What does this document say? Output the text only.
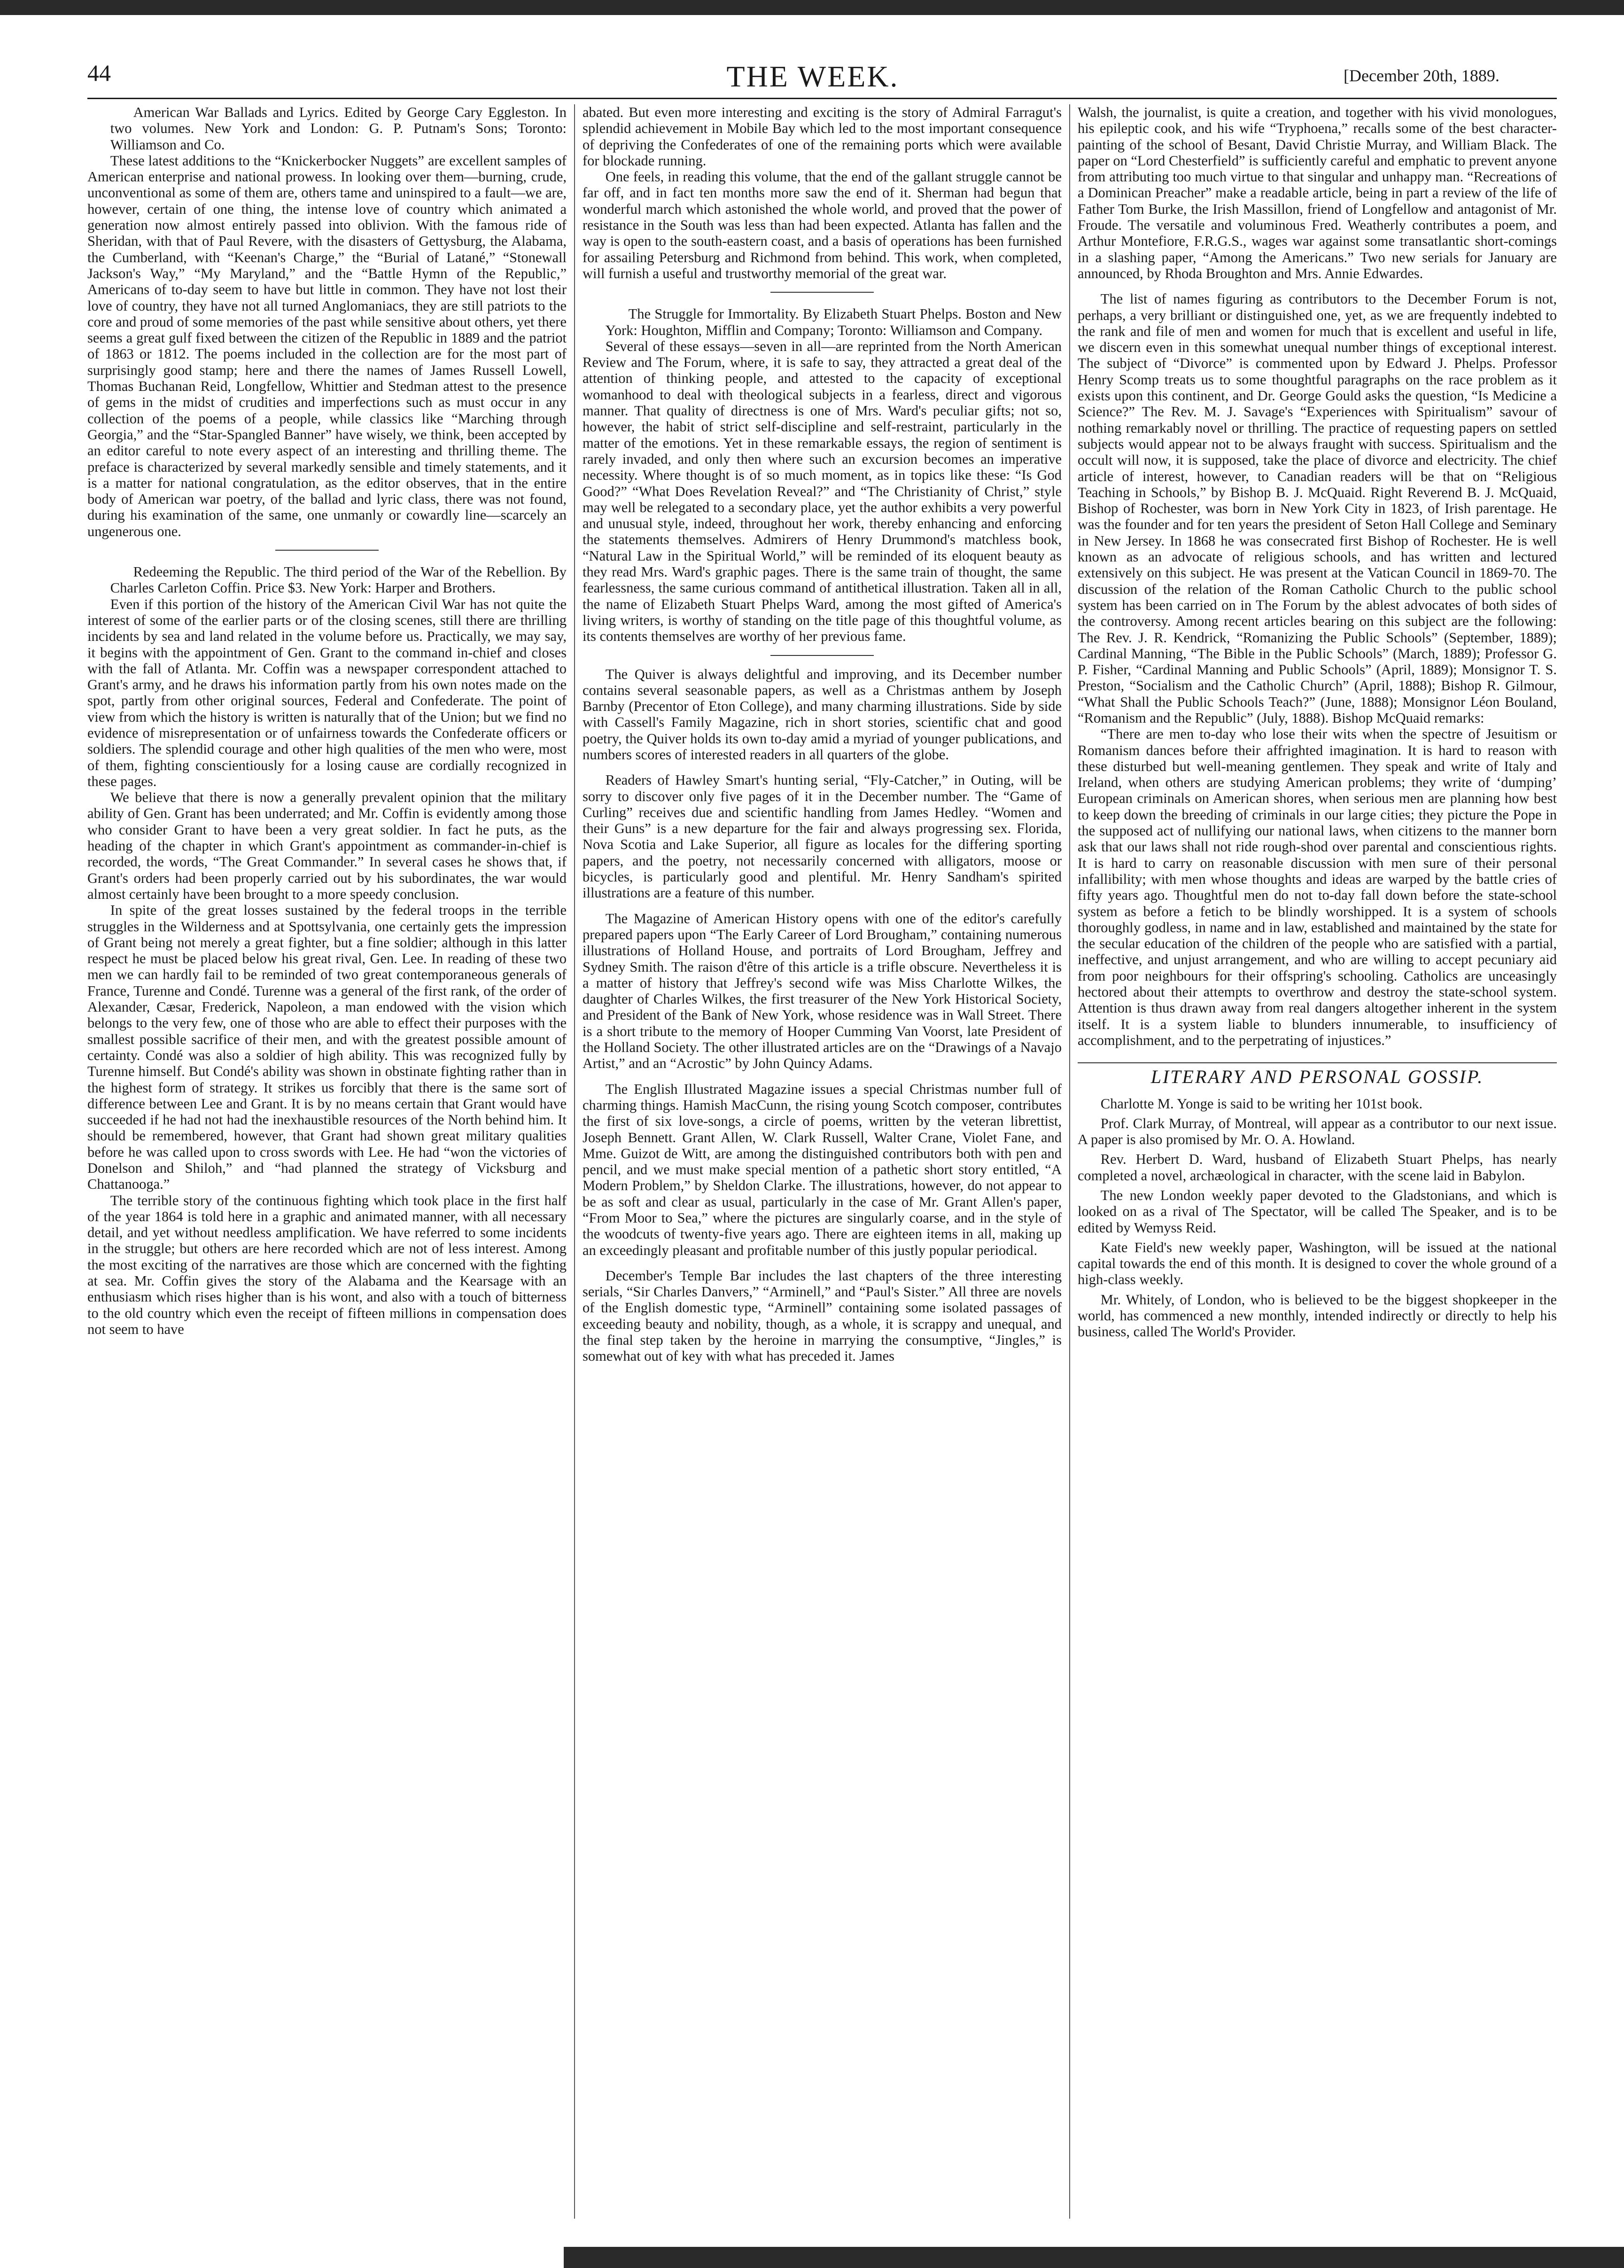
44	THE WEEK.	[December 20th, 1889.

American War Ballads and Lyrics. Edited by George Cary Eggleston. In two volumes. New York and London: G. P. Putnam's Sons; Toronto: Williamson and Co.

These latest additions to the “Knickerbocker Nuggets” are excellent samples of American enterprise and national prowess. In looking over them—burning, crude, unconventional as some of them are, others tame and uninspired to a fault—we are, however, certain of one thing, the intense love of country which animated a generation now almost entirely passed into oblivion. With the famous ride of Sheridan, with that of Paul Revere, with the disasters of Gettysburg, the Alabama, the Cumberland, with “Keenan's Charge,” the “Burial of Latané,” “Stonewall Jackson's Way,” “My Maryland,” and the “Battle Hymn of the Republic,” Americans of to-day seem to have but little in common. They have not lost their love of country, they have not all turned Anglomaniacs, they are still patriots to the core and proud of some memories of the past while sensitive about others, yet there seems a great gulf fixed between the citizen of the Republic in 1889 and the patriot of 1863 or 1812. The poems included in the collection are for the most part of surprisingly good stamp; here and there the names of James Russell Lowell, Thomas Buchanan Reid, Longfellow, Whittier and Stedman attest to the presence of gems in the midst of crudities and imperfections such as must occur in any collection of the poems of a people, while classics like “Marching through Georgia,” and the “Star-Spangled Banner” have wisely, we think, been accepted by an editor careful to note every aspect of an interesting and thrilling theme. The preface is characterized by several markedly sensible and timely statements, and it is a matter for national congratulation, as the editor observes, that in the entire body of American war poetry, of the ballad and lyric class, there was not found, during his examination of the same, one unmanly or cowardly line—scarcely an ungenerous one.

Redeeming the Republic. The third period of the War of the Rebellion. By Charles Carleton Coffin. Price $3. New York: Harper and Brothers.

Even if this portion of the history of the American Civil War has not quite the interest of some of the earlier parts or of the closing scenes, still there are thrilling incidents by sea and land related in the volume before us. Practically, we may say, it begins with the appointment of Gen. Grant to the command in-chief and closes with the fall of Atlanta. Mr. Coffin was a newspaper correspondent attached to Grant's army, and he draws his information partly from his own notes made on the spot, partly from other original sources, Federal and Confederate. The point of view from which the history is written is naturally that of the Union; but we find no evidence of misrepresentation or of unfairness towards the Confederate officers or soldiers. The splendid courage and other high qualities of the men who were, most of them, fighting conscientiously for a losing cause are cordially recognized in these pages.

We believe that there is now a generally prevalent opinion that the military ability of Gen. Grant has been underrated; and Mr. Coffin is evidently among those who consider Grant to have been a very great soldier. In fact he puts, as the heading of the chapter in which Grant's appointment as commander-in-chief is recorded, the words, “The Great Commander.” In several cases he shows that, if Grant's orders had been properly carried out by his subordinates, the war would almost certainly have been brought to a more speedy conclusion.

In spite of the great losses sustained by the federal troops in the terrible struggles in the Wilderness and at Spottsylvania, one certainly gets the impression of Grant being not merely a great fighter, but a fine soldier; although in this latter respect he must be placed below his great rival, Gen. Lee. In reading of these two men we can hardly fail to be reminded of two great contemporaneous generals of France, Turenne and Condé. Turenne was a general of the first rank, of the order of Alexander, Cæsar, Frederick, Napoleon, a man endowed with the vision which belongs to the very few, one of those who are able to effect their purposes with the smallest possible sacrifice of their men, and with the greatest possible amount of certainty. Condé was also a soldier of high ability. This was recognized fully by Turenne himself. But Condé's ability was shown in obstinate fighting rather than in the highest form of strategy. It strikes us forcibly that there is the same sort of difference between Lee and Grant. It is by no means certain that Grant would have succeeded if he had not had the inexhaustible resources of the North behind him. It should be remembered, however, that Grant had shown great military qualities before he was called upon to cross swords with Lee. He had “won the victories of Donelson and Shiloh,” and “had planned the strategy of Vicksburg and Chattanooga.”

The terrible story of the continuous fighting which took place in the first half of the year 1864 is told here in a graphic and animated manner, with all necessary detail, and yet without needless amplification. We have referred to some incidents in the struggle; but others are here recorded which are not of less interest. Among the most exciting of the narratives are those which are concerned with the fighting at sea. Mr. Coffin gives the story of the Alabama and the Kearsage with an enthusiasm which rises higher than is his wont, and also with a touch of bitterness to the old country which even the receipt of fifteen millions in compensation does not seem to have

abated. But even more interesting and exciting is the story of Admiral Farragut's splendid achievement in Mobile Bay which led to the most important consequence of depriving the Confederates of one of the remaining ports which were available for blockade running.

One feels, in reading this volume, that the end of the gallant struggle cannot be far off, and in fact ten months more saw the end of it. Sherman had begun that wonderful march which astonished the whole world, and proved that the power of resistance in the South was less than had been expected. Atlanta has fallen and the way is open to the south-eastern coast, and a basis of operations has been furnished for assailing Petersburg and Richmond from behind. This work, when completed, will furnish a useful and trustworthy memorial of the great war.

The Struggle for Immortality. By Elizabeth Stuart Phelps. Boston and New York: Houghton, Mifflin and Company; Toronto: Williamson and Company.

Several of these essays—seven in all—are reprinted from the North American Review and The Forum, where, it is safe to say, they attracted a great deal of the attention of thinking people, and attested to the capacity of exceptional womanhood to deal with theological subjects in a fearless, direct and vigorous manner. That quality of directness is one of Mrs. Ward's peculiar gifts; not so, however, the habit of strict self-discipline and self-restraint, particularly in the matter of the emotions. Yet in these remarkable essays, the region of sentiment is rarely invaded, and only then where such an excursion becomes an imperative necessity. Where thought is of so much moment, as in topics like these: “Is God Good?” “What Does Revelation Reveal?” and “The Christianity of Christ,” style may well be relegated to a secondary place, yet the author exhibits a very powerful and unusual style, indeed, throughout her work, thereby enhancing and enforcing the statements themselves. Admirers of Henry Drummond's matchless book, “Natural Law in the Spiritual World,” will be reminded of its eloquent beauty as they read Mrs. Ward's graphic pages. There is the same train of thought, the same fearlessness, the same curious command of antithetical illustration. Taken all in all, the name of Elizabeth Stuart Phelps Ward, among the most gifted of America's living writers, is worthy of standing on the title page of this thoughtful volume, as its contents themselves are worthy of her previous fame.

The Quiver is always delightful and improving, and its December number contains several seasonable papers, as well as a Christmas anthem by Joseph Barnby (Precentor of Eton College), and many charming illustrations. Side by side with Cassell's Family Magazine, rich in short stories, scientific chat and good poetry, the Quiver holds its own to-day amid a myriad of younger publications, and numbers scores of interested readers in all quarters of the globe.

Readers of Hawley Smart's hunting serial, “Fly-Catcher,” in Outing, will be sorry to discover only five pages of it in the December number. The “Game of Curling” receives due and scientific handling from James Hedley. “Women and their Guns” is a new departure for the fair and always progressing sex. Florida, Nova Scotia and Lake Superior, all figure as locales for the differing sporting papers, and the poetry, not necessarily concerned with alligators, moose or bicycles, is particularly good and plentiful. Mr. Henry Sandham's spirited illustrations are a feature of this number.

The Magazine of American History opens with one of the editor's carefully prepared papers upon “The Early Career of Lord Brougham,” containing numerous illustrations of Holland House, and portraits of Lord Brougham, Jeffrey and Sydney Smith. The raison d'être of this article is a trifle obscure. Nevertheless it is a matter of history that Jeffrey's second wife was Miss Charlotte Wilkes, the daughter of Charles Wilkes, the first treasurer of the New York Historical Society, and President of the Bank of New York, whose residence was in Wall Street. There is a short tribute to the memory of Hooper Cumming Van Voorst, late President of the Holland Society. The other illustrated articles are on the “Drawings of a Navajo Artist,” and an “Acrostic” by John Quincy Adams.

The English Illustrated Magazine issues a special Christmas number full of charming things. Hamish MacCunn, the rising young Scotch composer, contributes the first of six love-songs, a circle of poems, written by the veteran librettist, Joseph Bennett. Grant Allen, W. Clark Russell, Walter Crane, Violet Fane, and Mme. Guizot de Witt, are among the distinguished contributors both with pen and pencil, and we must make special mention of a pathetic short story entitled, “A Modern Problem,” by Sheldon Clarke. The illustrations, however, do not appear to be as soft and clear as usual, particularly in the case of Mr. Grant Allen's paper, “From Moor to Sea,” where the pictures are singularly coarse, and in the style of the woodcuts of twenty-five years ago. There are eighteen items in all, making up an exceedingly pleasant and profitable number of this justly popular periodical.

December's Temple Bar includes the last chapters of the three interesting serials, “Sir Charles Danvers,” “Arminell,” and “Paul's Sister.” All three are novels of the English domestic type, “Arminell” containing some isolated passages of exceeding beauty and nobility, though, as a whole, it is scrappy and unequal, and the final step taken by the heroine in marrying the consumptive, “Jingles,” is somewhat out of key with what has preceded it. James

Walsh, the journalist, is quite a creation, and together with his vivid monologues, his epileptic cook, and his wife “Tryphoena,” recalls some of the best character-painting of the school of Besant, David Christie Murray, and William Black. The paper on “Lord Chesterfield” is sufficiently careful and emphatic to prevent anyone from attributing too much virtue to that singular and unhappy man. “Recreations of a Dominican Preacher” make a readable article, being in part a review of the life of Father Tom Burke, the Irish Massillon, friend of Longfellow and antagonist of Mr. Froude. The versatile and voluminous Fred. Weatherly contributes a poem, and Arthur Montefiore, F.R.G.S., wages war against some transatlantic short-comings in a slashing paper, “Among the Americans.” Two new serials for January are announced, by Rhoda Broughton and Mrs. Annie Edwardes.

The list of names figuring as contributors to the December Forum is not, perhaps, a very brilliant or distinguished one, yet, as we are frequently indebted to the rank and file of men and women for much that is excellent and useful in life, we discern even in this somewhat unequal number things of exceptional interest. The subject of “Divorce” is commented upon by Edward J. Phelps. Professor Henry Scomp treats us to some thoughtful paragraphs on the race problem as it exists upon this continent, and Dr. George Gould asks the question, “Is Medicine a Science?” The Rev. M. J. Savage's “Experiences with Spiritualism” savour of nothing remarkably novel or thrilling. The practice of requesting papers on settled subjects would appear not to be always fraught with success. Spiritualism and the occult will now, it is supposed, take the place of divorce and electricity. The chief article of interest, however, to Canadian readers will be that on “Religious Teaching in Schools,” by Bishop B. J. McQuaid. Right Reverend B. J. McQuaid, Bishop of Rochester, was born in New York City in 1823, of Irish parentage. He was the founder and for ten years the president of Seton Hall College and Seminary in New Jersey. In 1868 he was consecrated first Bishop of Rochester. He is well known as an advocate of religious schools, and has written and lectured extensively on this subject. He was present at the Vatican Council in 1869-70. The discussion of the relation of the Roman Catholic Church to the public school system has been carried on in The Forum by the ablest advocates of both sides of the controversy. Among recent articles bearing on this subject are the following: The Rev. J. R. Kendrick, “Romanizing the Public Schools” (September, 1889); Cardinal Manning, “The Bible in the Public Schools” (March, 1889); Professor G. P. Fisher, “Cardinal Manning and Public Schools” (April, 1889); Monsignor T. S. Preston, “Socialism and the Catholic Church” (April, 1888); Bishop R. Gilmour, “What Shall the Public Schools Teach?” (June, 1888); Monsignor Léon Bouland, “Romanism and the Republic” (July, 1888). Bishop McQuaid remarks:

“There are men to-day who lose their wits when the spectre of Jesuitism or Romanism dances before their affrighted imagination. It is hard to reason with these disturbed but well-meaning gentlemen. They speak and write of Italy and Ireland, when others are studying American problems; they write of ‘dumping’ European criminals on American shores, when serious men are planning how best to keep down the breeding of criminals in our large cities; they picture the Pope in the supposed act of nullifying our national laws, when citizens to the manner born ask that our laws shall not ride rough-shod over parental and conscientious rights. It is hard to carry on reasonable discussion with men sure of their personal infallibility; with men whose thoughts and ideas are warped by the battle cries of fifty years ago. Thoughtful men do not to-day fall down before the state-school system as before a fetich to be blindly worshipped. It is a system of schools thoroughly godless, in name and in law, established and maintained by the state for the secular education of the children of the people who are satisfied with a partial, ineffective, and unjust arrangement, and who are willing to accept pecuniary aid from poor neighbours for their offspring's schooling. Catholics are unceasingly hectored about their attempts to overthrow and destroy the state-school system. Attention is thus drawn away from real dangers altogether inherent in the system itself. It is a system liable to blunders innumerable, to insufficiency of accomplishment, and to the perpetrating of injustices.”

LITERARY AND PERSONAL GOSSIP.

Charlotte M. Yonge is said to be writing her 101st book.

Prof. Clark Murray, of Montreal, will appear as a contributor to our next issue. A paper is also promised by Mr. O. A. Howland.

Rev. Herbert D. Ward, husband of Elizabeth Stuart Phelps, has nearly completed a novel, archæological in character, with the scene laid in Babylon.

The new London weekly paper devoted to the Gladstonians, and which is looked on as a rival of The Spectator, will be called The Speaker, and is to be edited by Wemyss Reid.

Kate Field's new weekly paper, Washington, will be issued at the national capital towards the end of this month. It is designed to cover the whole ground of a high-class weekly.

Mr. Whitely, of London, who is believed to be the biggest shopkeeper in the world, has commenced a new monthly, intended indirectly or directly to help his business, called The World's Provider.
